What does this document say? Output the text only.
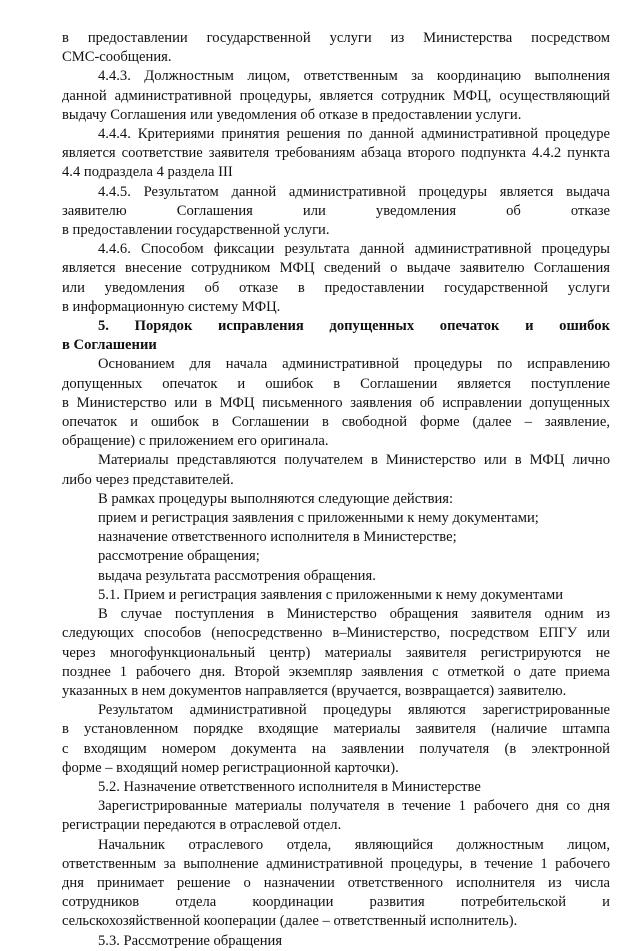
в предоставлении государственной услуги из Министерства посредством
СМС-сообщения.

4.4.3. Должностным лицом, ответственным за координацию выполнения
данной административной процедуры, является сотрудник МФЦ, осуществляющий
выдачу Соглашения или уведомления об отказе в предоставлении услуги.

4.4.4. Критериями принятия решения по данной административной процедуре
является соответствие заявителя требованиям абзаца второго подпункта 4.4.2 пункта
4.4 подраздела 4 раздела III

4.4.5. Результатом данной административной процедуры является выдача
заявителю Соглашения или уведомления об отказе
в предоставлении государственной услуги.

4.4.6. Способом фиксации результата данной административной процедуры
является внесение сотрудником МФЦ сведений о выдаче заявителю Соглашения
или уведомления об отказе в предоставлении государственной услуги
в информационную систему МФЦ.

5. Порядок исправления допущенных опечаток и ошибок
в Соглашении

Основанием для начала административной процедуры по исправлению
допущенных опечаток и ошибок в Соглашении является поступление
в Министерство или в МФЦ письменного заявления об исправлении допущенных
опечаток и ошибок в Соглашении в свободной форме (далее – заявление,
обращение) с приложением его оригинала.

Материалы представляются получателем в Министерство или в МФЦ лично
либо через представителей.

В рамках процедуры выполняются следующие действия:

прием и регистрация заявления с приложенными к нему документами;

назначение ответственного исполнителя в Министерстве;

рассмотрение обращения;

выдача результата рассмотрения обращения.

5.1. Прием и регистрация заявления с приложенными к нему документами

В случае поступления в Министерство обращения заявителя одним из
следующих способов (непосредственно в–Министерство, посредством ЕПГУ или
через многофункциональный центр) материалы заявителя регистрируются не
позднее 1 рабочего дня. Второй экземпляр заявления с отметкой о дате приема
указанных в нем документов направляется (вручается, возвращается) заявителю.

Результатом административной процедуры являются зарегистрированные
в установленном порядке входящие материалы заявителя (наличие штампа
с входящим номером документа на заявлении получателя (в электронной
форме – входящий номер регистрационной карточки).

5.2. Назначение ответственного исполнителя в Министерстве

Зарегистрированные материалы получателя в течение 1 рабочего дня со дня
регистрации передаются в отраслевой отдел.

Начальник отраслевого отдела, являющийся должностным лицом,
ответственным за выполнение административной процедуры, в течение 1 рабочего
дня принимает решение о назначении ответственного исполнителя из числа
сотрудников отдела координации развития потребительской и
сельскохозяйственной кооперации (далее – ответственный исполнитель).

5.3. Рассмотрение обращения
